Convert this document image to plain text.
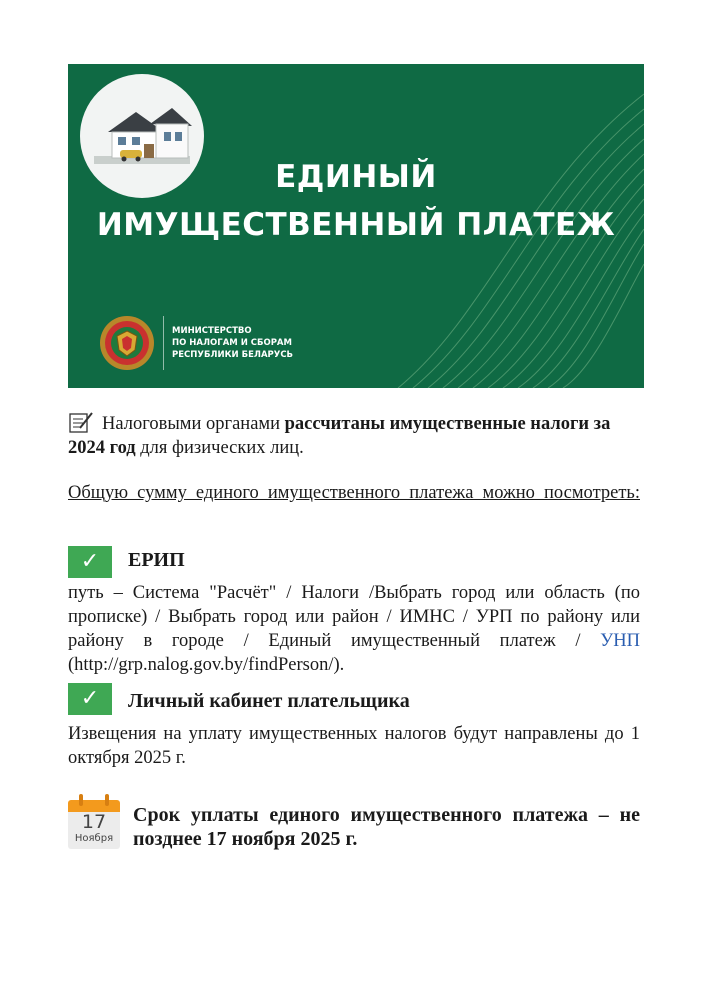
ЕДИНЫЙ
ИМУЩЕСТВЕННЫЙ ПЛАТЕЖ
МИНИСТЕРСТВО
ПО НАЛОГАМ И СБОРАМ
РЕСПУБЛИКИ БЕЛАРУСЬ
Налоговыми органами рассчитаны имущественные налоги за 2024 год для физических лиц.
Общую сумму единого имущественного платежа можно посмотреть:
✓	ЕРИП
путь – Система "Расчёт" / Налоги /Выбрать город или область (по прописке) / Выбрать город или район / ИМНС / УРП по району или району в городе / Единый имущественный платеж / УНП (http://grp.nalog.gov.by/findPerson/).
✓	Личный кабинет плательщика
Извещения на уплату имущественных налогов будут направлены до 1 октября 2025 г.
17
Ноября
Срок уплаты единого имущественного платежа – не позднее 17 ноября 2025 г.
